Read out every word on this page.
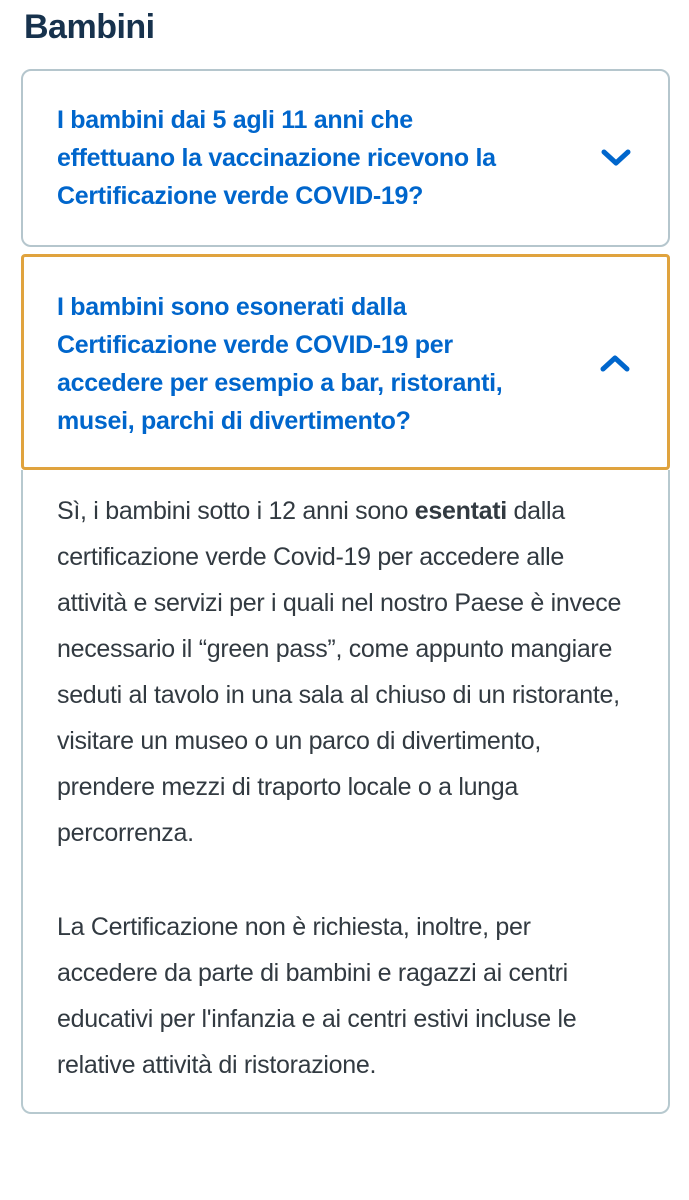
Bambini
I bambini dai 5 agli 11 anni che effettuano la vaccinazione ricevono la Certificazione verde COVID-19?
I bambini sono esonerati dalla Certificazione verde COVID-19 per accedere per esempio a bar, ristoranti, musei, parchi di divertimento?

Sì, i bambini sotto i 12 anni sono esentati dalla certificazione verde Covid-19 per accedere alle attività e servizi per i quali nel nostro Paese è invece necessario il “green pass”, come appunto mangiare seduti al tavolo in una sala al chiuso di un ristorante, visitare un museo o un parco di divertimento, prendere mezzi di traporto locale o a lunga percorrenza.

La Certificazione non è richiesta, inoltre, per accedere da parte di bambini e ragazzi ai centri educativi per l'infanzia e ai centri estivi incluse le relative attività di ristorazione.
